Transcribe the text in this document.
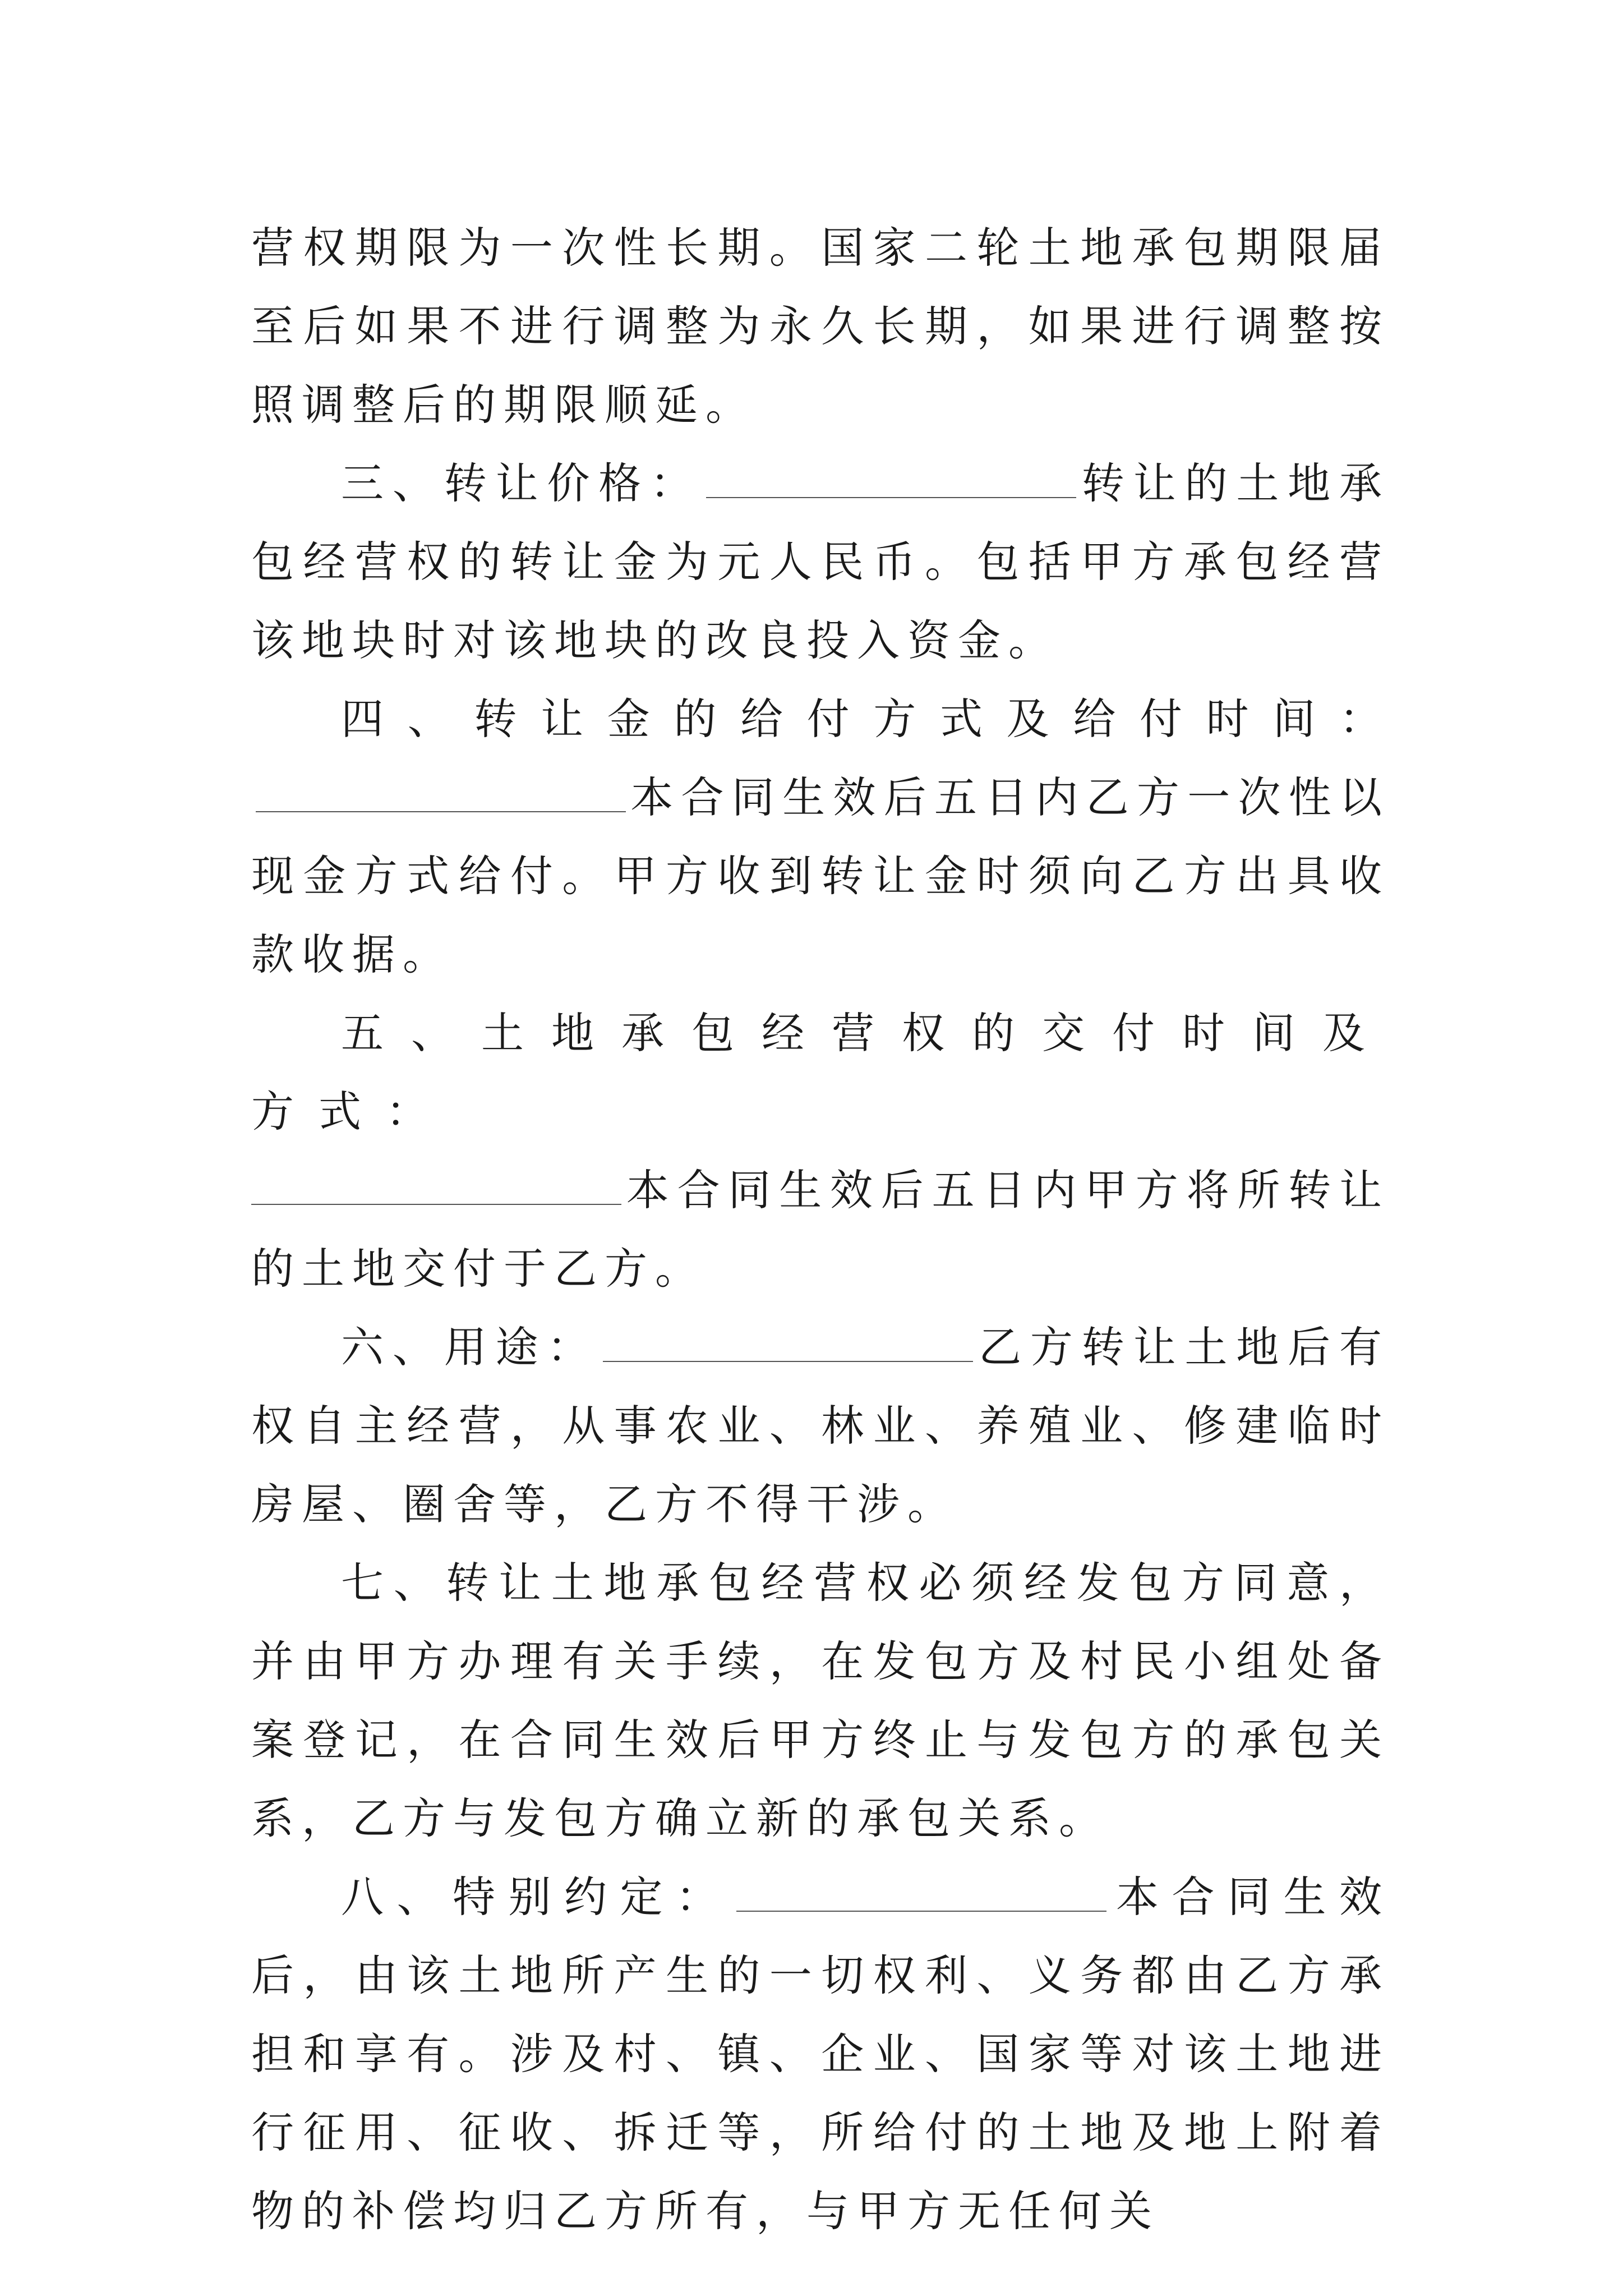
营权期限为一次性长期。国家二轮土地承包期限届至后如果不进行调整为永久长期，如果进行调整按照调整后的期限顺延。

三、转让价格：	转让的土地承包经营权的转让金为元人民币。包括甲方承包经营该地块时对该地块的改良投入资金。

四、转让金的给付方式及给付时间：本合同生效后五日内乙方一次性以现金方式给付。甲方收到转让金时须向乙方出具收款收据。

五、土地承包经营权的交付时间及方式：
本合同生效后五日内甲方将所转让的土地交付于乙方。

六、用途：	乙方转让土地后有权自主经营，从事农业、林业、养殖业、修建临时房屋、圈舍等，乙方不得干涉。

七、转让土地承包经营权必须经发包方同意，并由甲方办理有关手续，在发包方及村民小组处备案登记，在合同生效后甲方终止与发包方的承包关系，乙方与发包方确立新的承包关系。

八、特别约定：	本合同生效后，由该土地所产生的一切权利、义务都由乙方承担和享有。涉及村、镇、企业、国家等对该土地进行征用、征收、拆迁等，所给付的土地及地上附着物的补偿均归乙方所有，与甲方无任何关
